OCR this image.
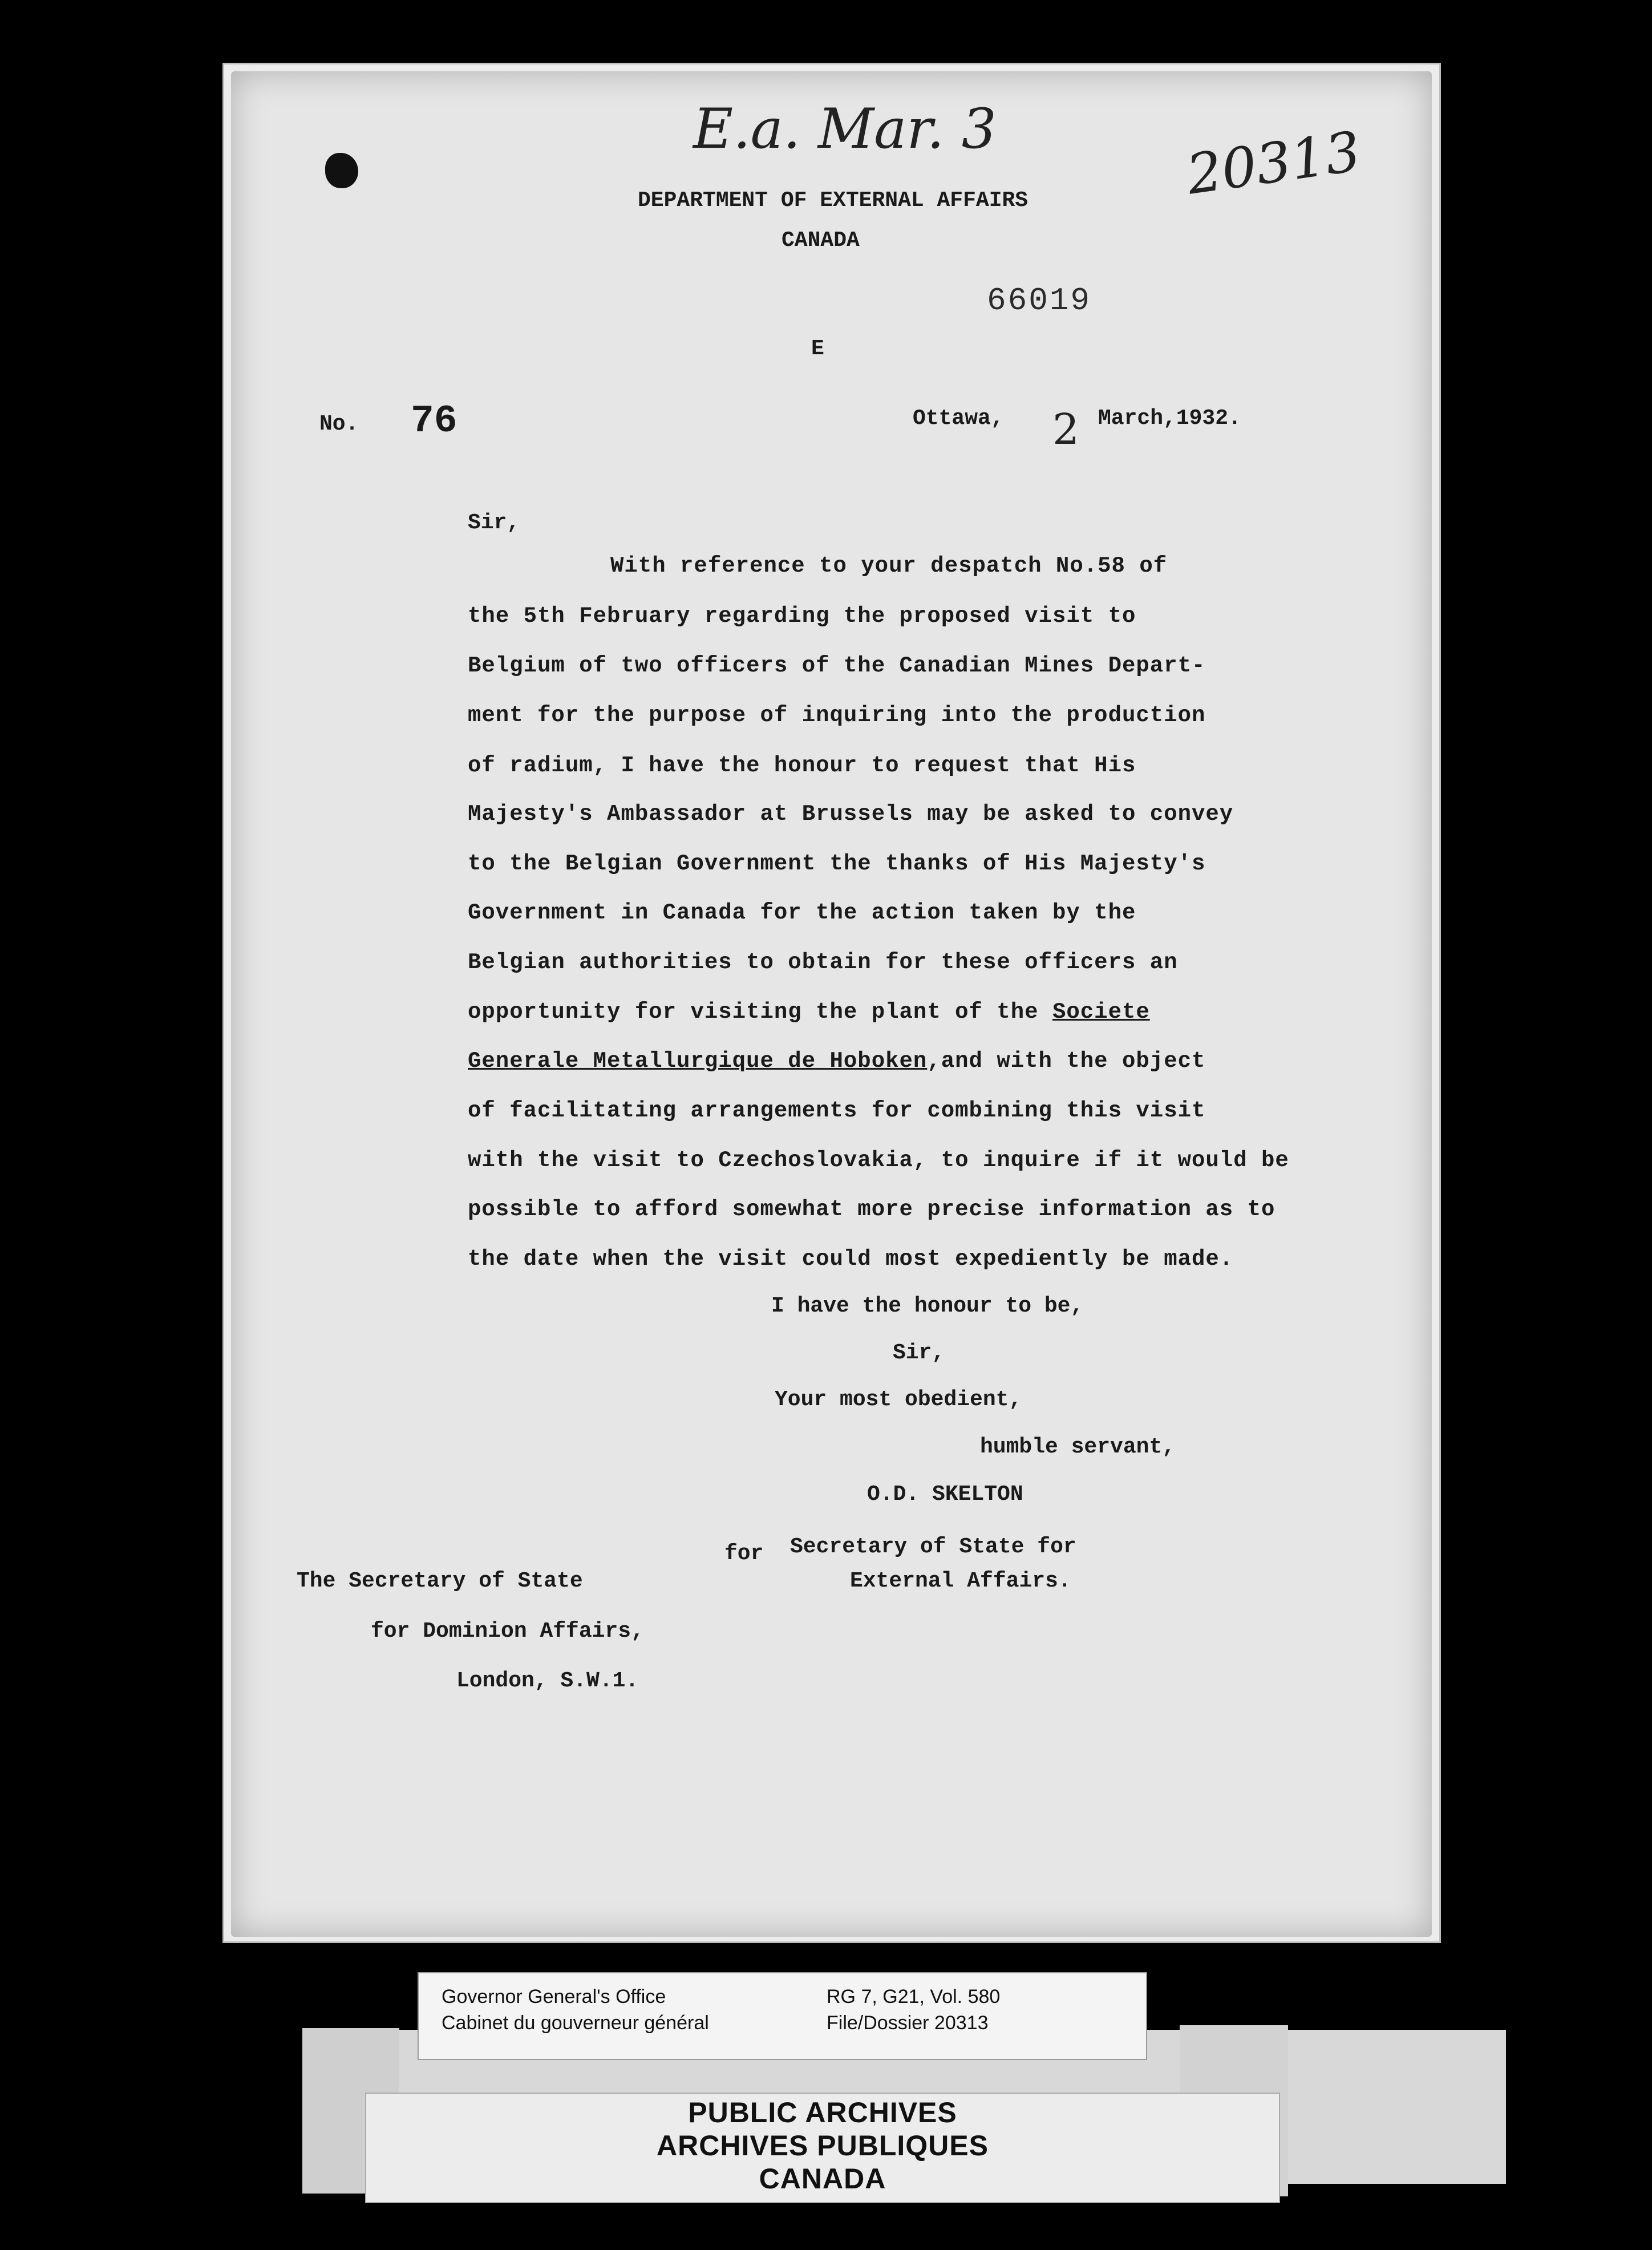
E.a. Mar. 3	20313
DEPARTMENT OF EXTERNAL AFFAIRS
CANADA
66019
E
No. 76	Ottawa, 2 March,1932.
Sir,
With reference to your despatch No.58 of
the 5th February regarding the proposed visit to
Belgium of two officers of the Canadian Mines Depart-
ment for the purpose of inquiring into the production
of radium, I have the honour to request that His
Majesty's Ambassador at Brussels may be asked to convey
to the Belgian Government the thanks of His Majesty's
Government in Canada for the action taken by the
Belgian authorities to obtain for these officers an
opportunity for visiting the plant of the Societe
Generale Metallurgique de Hoboken,and with the object
of facilitating arrangements for combining this visit
with the visit to Czechoslovakia, to inquire if it would be
possible to afford somewhat more precise information as to
the date when the visit could most expediently be made.
I have the honour to be,
Sir,
Your most obedient,
humble servant,
O.D. SKELTON
for Secretary of State for
External Affairs.
The Secretary of State
for Dominion Affairs,
London, S.W.1.
Governor General's Office
Cabinet du gouverneur général
RG 7, G21, Vol. 580
File/Dossier 20313
PUBLIC ARCHIVES
ARCHIVES PUBLIQUES
CANADA
